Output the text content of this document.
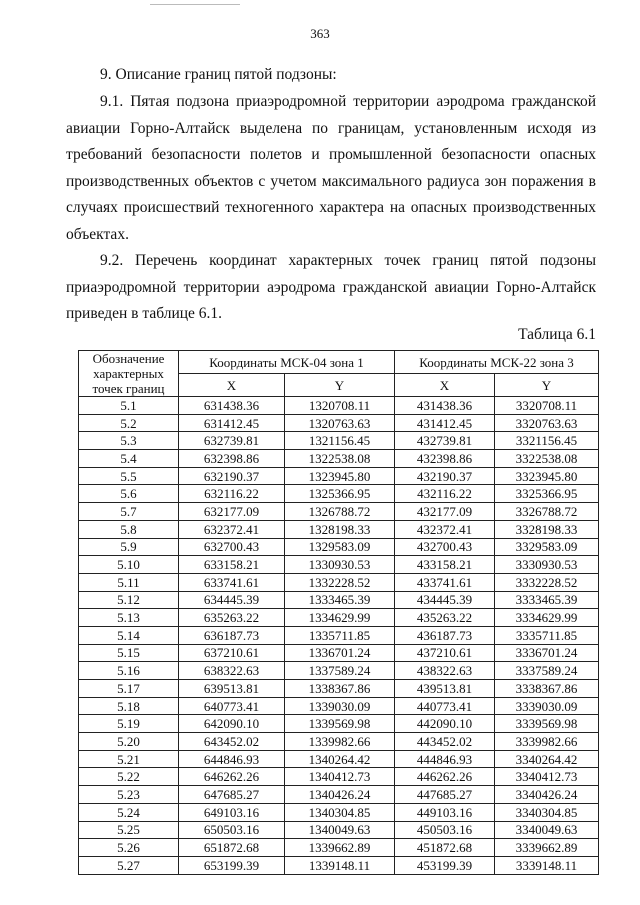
363
9. Описание границ пятой подзоны:
9.1. Пятая подзона приаэродромной территории аэродрома гражданской авиации Горно-Алтайск выделена по границам, установленным исходя из требований безопасности полетов и промышленной безопасности опасных производственных объектов с учетом максимального радиуса зон поражения в случаях происшествий техногенного характера на опасных производственных объектах.
9.2. Перечень координат характерных точек границ пятой подзоны приаэродромной территории аэродрома гражданской авиации Горно-Алтайск приведен в таблице 6.1.
Таблица 6.1
Обозначение характерных точек границ	Координаты МСК-04 зона 1		Координаты МСК-22 зона 3	
	X	Y	X	Y
5.1	631438.36	1320708.11	431438.36	3320708.11
5.2	631412.45	1320763.63	431412.45	3320763.63
5.3	632739.81	1321156.45	432739.81	3321156.45
5.4	632398.86	1322538.08	432398.86	3322538.08
5.5	632190.37	1323945.80	432190.37	3323945.80
5.6	632116.22	1325366.95	432116.22	3325366.95
5.7	632177.09	1326788.72	432177.09	3326788.72
5.8	632372.41	1328198.33	432372.41	3328198.33
5.9	632700.43	1329583.09	432700.43	3329583.09
5.10	633158.21	1330930.53	433158.21	3330930.53
5.11	633741.61	1332228.52	433741.61	3332228.52
5.12	634445.39	1333465.39	434445.39	3333465.39
5.13	635263.22	1334629.99	435263.22	3334629.99
5.14	636187.73	1335711.85	436187.73	3335711.85
5.15	637210.61	1336701.24	437210.61	3336701.24
5.16	638322.63	1337589.24	438322.63	3337589.24
5.17	639513.81	1338367.86	439513.81	3338367.86
5.18	640773.41	1339030.09	440773.41	3339030.09
5.19	642090.10	1339569.98	442090.10	3339569.98
5.20	643452.02	1339982.66	443452.02	3339982.66
5.21	644846.93	1340264.42	444846.93	3340264.42
5.22	646262.26	1340412.73	446262.26	3340412.73
5.23	647685.27	1340426.24	447685.27	3340426.24
5.24	649103.16	1340304.85	449103.16	3340304.85
5.25	650503.16	1340049.63	450503.16	3340049.63
5.26	651872.68	1339662.89	451872.68	3339662.89
5.27	653199.39	1339148.11	453199.39	3339148.11
